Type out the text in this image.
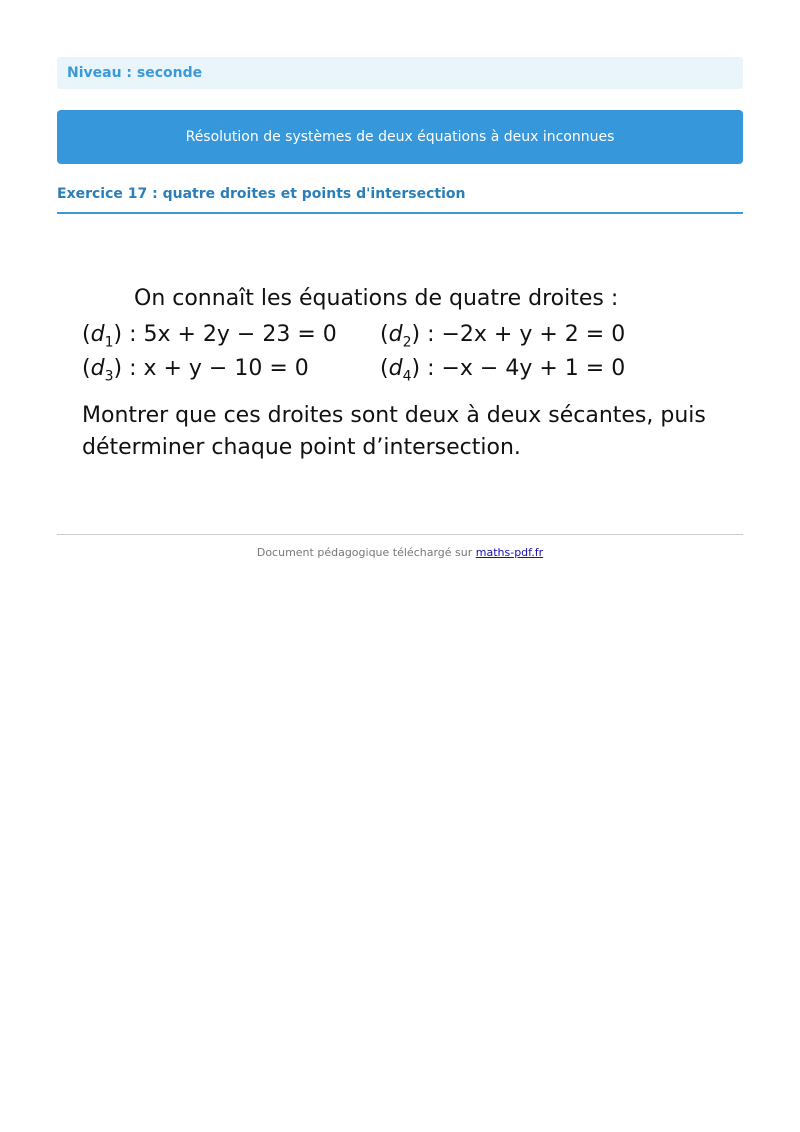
Niveau : seconde
Résolution de systèmes de deux équations à deux inconnues
Exercice 17 : quatre droites et points d'intersection
On connaît les équations de quatre droites :
$(d_1)$ : 5x + 2y − 23 = 0 $(d_2)$ : −2x + y + 2 = 0
$(d_3)$ : x + y − 10 = 0	$(d_4)$ : −x − 4y + 1 = 0
Montrer que ces droites sont deux à deux sécantes, puis déterminer chaque point d’intersection.
Document pédagogique téléchargé sur maths-pdf.fr
